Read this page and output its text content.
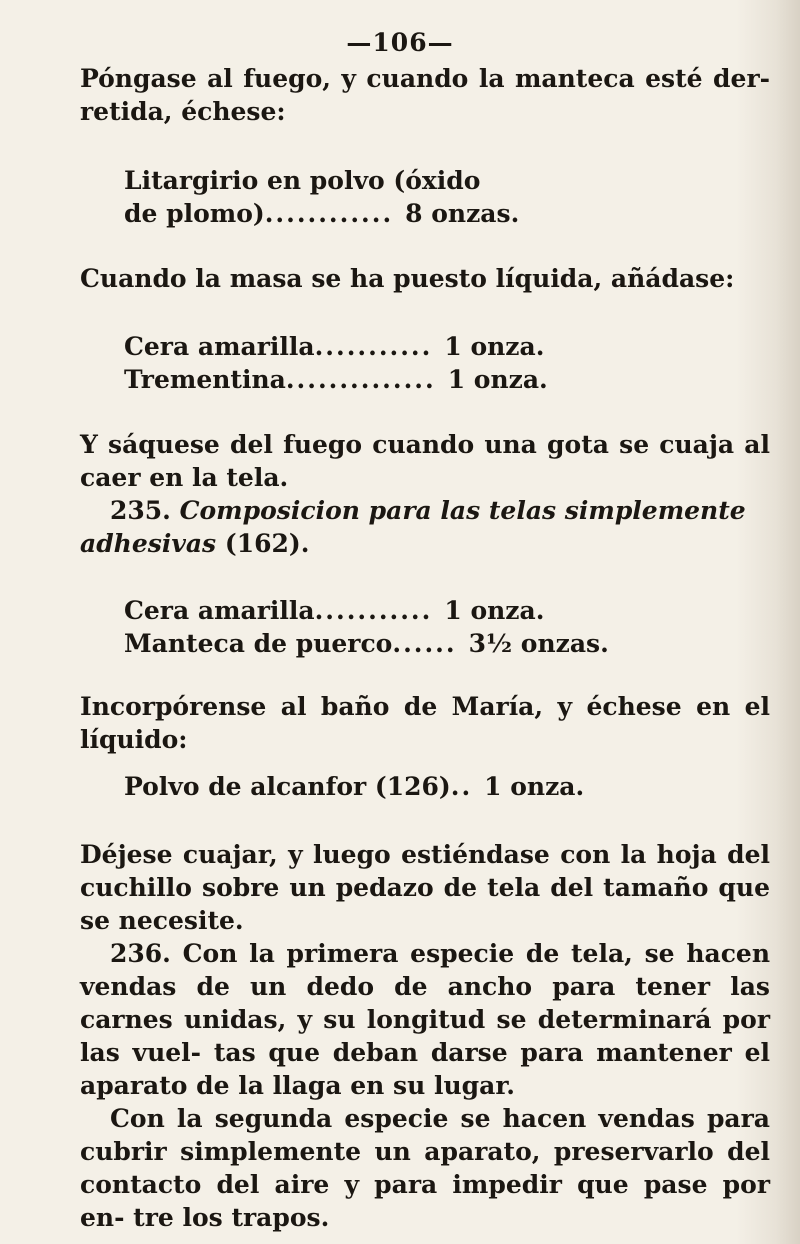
—106—

Póngase al fuego, y cuando la manteca esté der- retida, échese:

Litargirio en polvo (óxido
de plomo) ............ 8 onzas.

Cuando la masa se ha puesto líquida, añádase:

Cera amarilla ........... 1 onza.
Trementina .............. 1 onza.

Y sáquese del fuego cuando una gota se cuaja al caer en la tela.

235. Composicion para las telas simplemente adhesivas (162).

Cera amarilla ........... 1 onza.
Manteca de puerco ...... 3½ onzas.

Incorpórense al baño de María, y échese en el líquido:

Polvo de alcanfor (126) .. 1 onza.

Déjese cuajar, y luego estiéndase con la hoja del cuchillo sobre un pedazo de tela del tamaño que se necesite.

236. Con la primera especie de tela, se hacen vendas de un dedo de ancho para tener las carnes unidas, y su longitud se determinará por las vuel- tas que deban darse para mantener el aparato de la llaga en su lugar.

Con la segunda especie se hacen vendas para cubrir simplemente un aparato, preservarlo del contacto del aire y para impedir que pase por en- tre los trapos.
